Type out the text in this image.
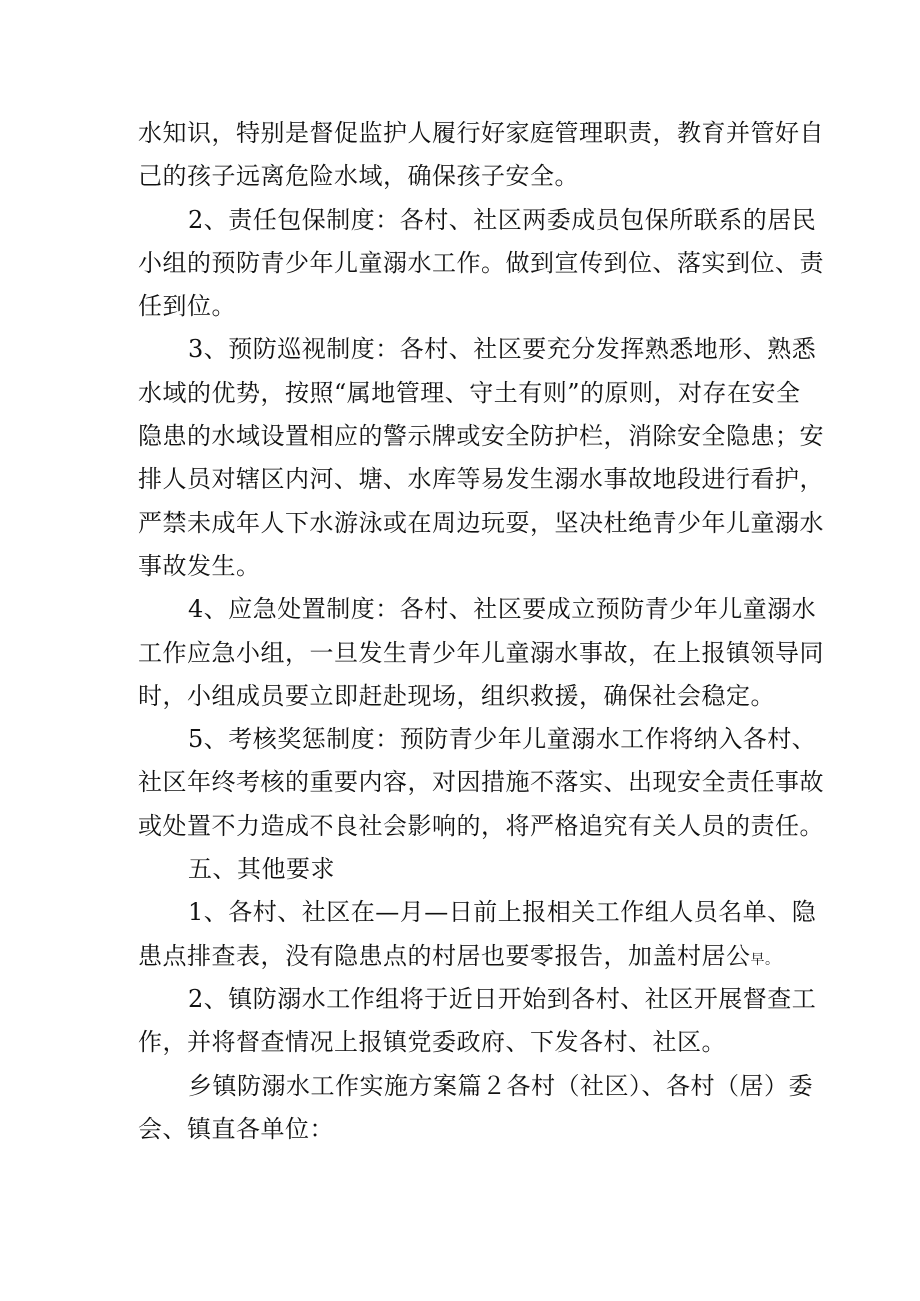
水知识，特别是督促监护人履行好家庭管理职责，教育并管好自
己的孩子远离危险水域，确保孩子安全。
2、责任包保制度：各村、社区两委成员包保所联系的居民
小组的预防青少年儿童溺水工作。做到宣传到位、落实到位、责
任到位。
3、预防巡视制度：各村、社区要充分发挥熟悉地形、熟悉
水域的优势，按照“属地管理、守土有则”的原则，对存在安全
隐患的水域设置相应的警示牌或安全防护栏，消除安全隐患；安
排人员对辖区内河、塘、水库等易发生溺水事故地段进行看护，
严禁未成年人下水游泳或在周边玩耍，坚决杜绝青少年儿童溺水
事故发生。
4、应急处置制度：各村、社区要成立预防青少年儿童溺水
工作应急小组，一旦发生青少年儿童溺水事故，在上报镇领导同
时，小组成员要立即赶赴现场，组织救援，确保社会稳定。
5、考核奖惩制度：预防青少年儿童溺水工作将纳入各村、
社区年终考核的重要内容，对因措施不落实、出现安全责任事故
或处置不力造成不良社会影响的，将严格追究有关人员的责任。
五、其他要求
1、各村、社区在—月—日前上报相关工作组人员名单、隐
患点排查表，没有隐患点的村居也要零报告，加盖村居公早。
2、镇防溺水工作组将于近日开始到各村、社区开展督查工
作，并将督查情况上报镇党委政府、下发各村、社区。
乡镇防溺水工作实施方案篇２各村（社区）、各村（居）委
会、镇直各单位：
